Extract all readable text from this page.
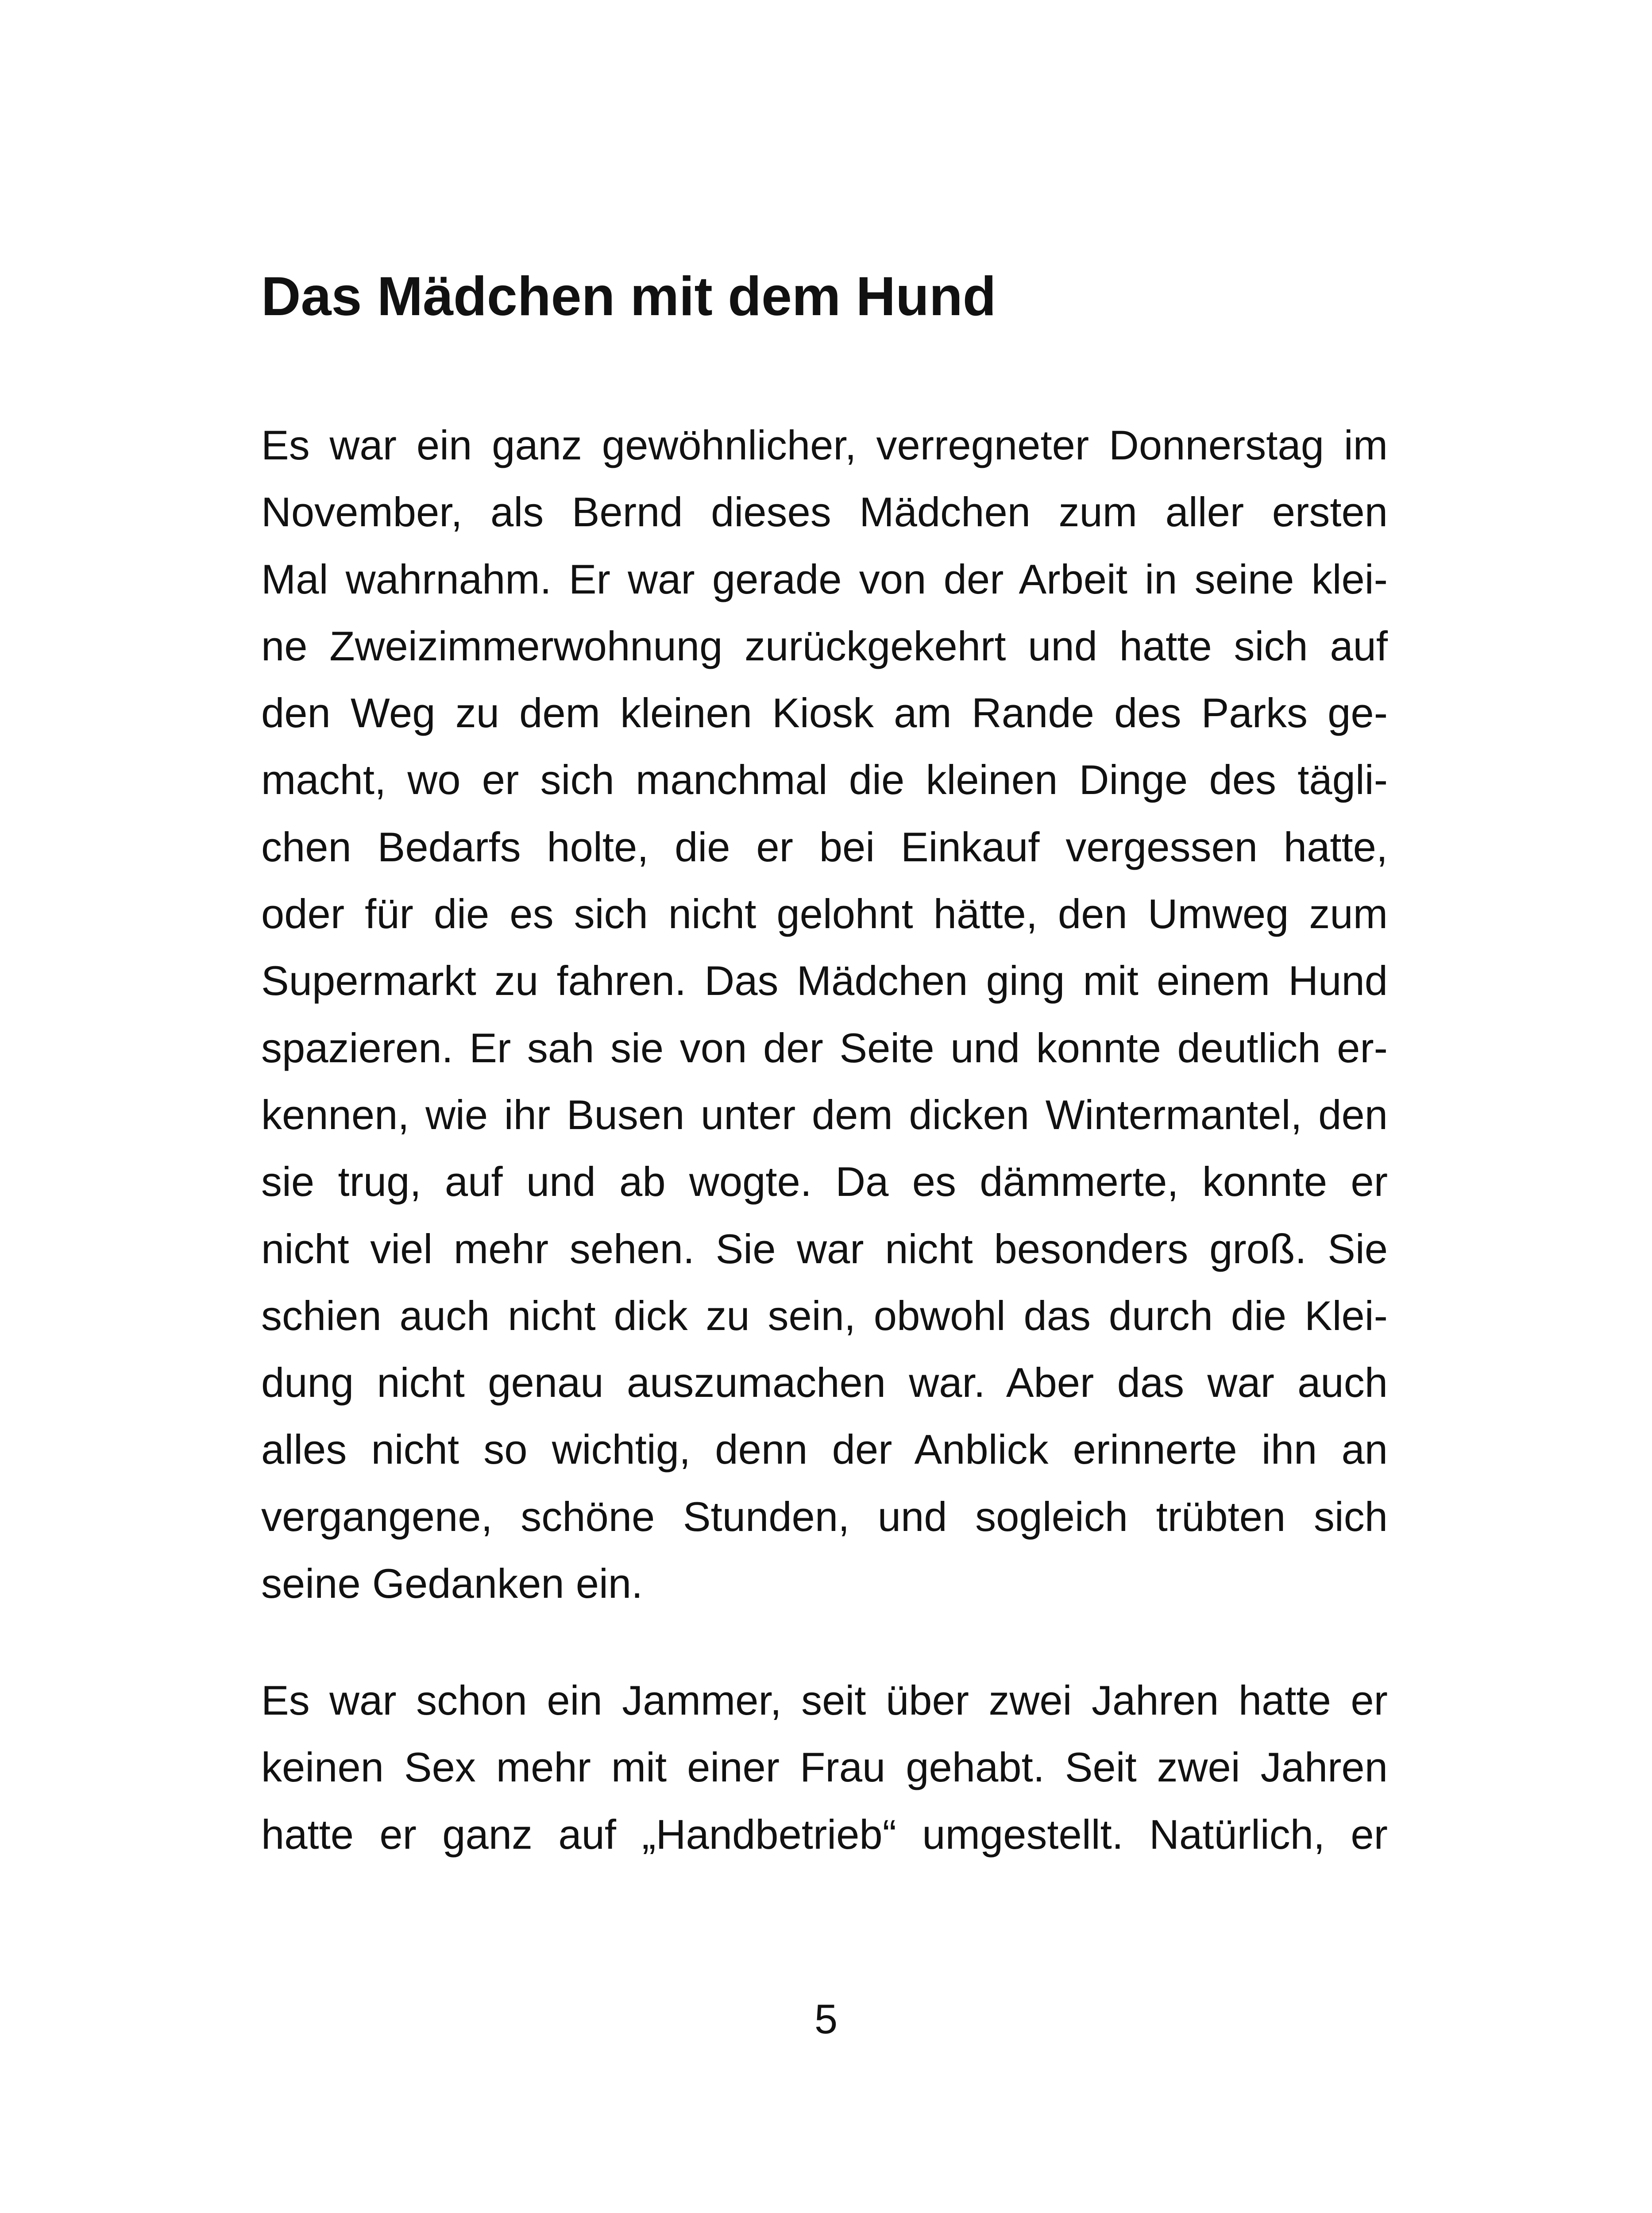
Das Mädchen mit dem Hund
Es war ein ganz gewöhnlicher, verregneter Donnerstag im
November, als Bernd dieses Mädchen zum aller ersten
Mal wahrnahm. Er war gerade von der Arbeit in seine klei-
ne Zweizimmerwohnung zurückgekehrt und hatte sich auf
den Weg zu dem kleinen Kiosk am Rande des Parks ge-
macht, wo er sich manchmal die kleinen Dinge des tägli-
chen Bedarfs holte, die er bei Einkauf vergessen hatte,
oder für die es sich nicht gelohnt hätte, den Umweg zum
Supermarkt zu fahren. Das Mädchen ging mit einem Hund
spazieren. Er sah sie von der Seite und konnte deutlich er-
kennen, wie ihr Busen unter dem dicken Wintermantel, den
sie trug, auf und ab wogte. Da es dämmerte, konnte er
nicht viel mehr sehen. Sie war nicht besonders groß. Sie
schien auch nicht dick zu sein, obwohl das durch die Klei-
dung nicht genau auszumachen war. Aber das war auch
alles nicht so wichtig, denn der Anblick erinnerte ihn an
vergangene, schöne Stunden, und sogleich trübten sich
seine Gedanken ein.
Es war schon ein Jammer, seit über zwei Jahren hatte er
keinen Sex mehr mit einer Frau gehabt. Seit zwei Jahren
hatte er ganz auf „Handbetrieb“ umgestellt. Natürlich, er
5
